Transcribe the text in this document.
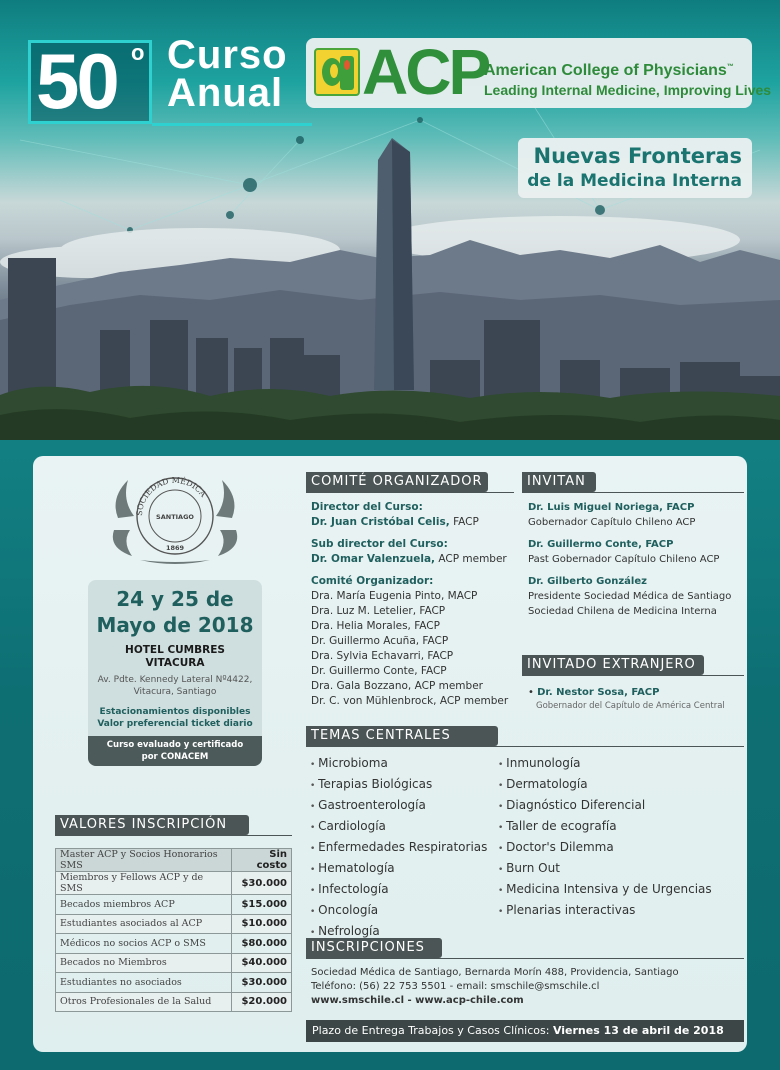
50 o Curso
Anual ACP
American College of Physicians™
Leading Internal Medicine, Improving Lives
Nuevas Fronteras
de la Medicina Interna
SOCIEDAD MÉDICA
SANTIAGO
1869
24 y 25 de
Mayo de 2018
HOTEL CUMBRES
VITACURA
Av. Pdte. Kennedy Lateral Nº4422,
Vitacura, Santiago
Estacionamientos disponibles
Valor preferencial ticket diario
Curso evaluado y certificado
por CONACEM
COMITÉ ORGANIZADOR
Director del Curso:
Dr. Juan Cristóbal Celis, FACP
Sub director del Curso:
Dr. Omar Valenzuela, ACP member
Comité Organizador:
Dra. María Eugenia Pinto, MACP
Dra. Luz M. Letelier, FACP
Dra. Helia Morales, FACP
Dr. Guillermo Acuña, FACP
Dra. Sylvia Echavarri, FACP
Dr. Guillermo Conte, FACP
Dra. Gala Bozzano, ACP member
Dr. C. von Mühlenbrock, ACP member
INVITAN
Dr. Luis Miguel Noriega, FACP
Gobernador Capítulo Chileno ACP
Dr. Guillermo Conte, FACP
Past Gobernador Capítulo Chileno ACP
Dr. Gilberto González
Presidente Sociedad Médica de Santiago
Sociedad Chilena de Medicina Interna
INVITADO EXTRANJERO
• Dr. Nestor Sosa, FACP
Gobernador del Capítulo de América Central
TEMAS CENTRALES
• Microbioma
• Terapias Biológicas
• Gastroenterología
• Cardiología
• Enfermedades Respiratorias
• Hematología
• Infectología
• Oncología
• Nefrología
• Inmunología
• Dermatología
• Diagnóstico Diferencial
• Taller de ecografía
• Doctor's Dilemma
• Burn Out
• Medicina Intensiva y de Urgencias
• Plenarias interactivas
VALORES INSCRIPCIÓN
Master ACP y Socios Honorarios SMS	Sin costo
Miembros y Fellows ACP y de SMS	$30.000
Becados miembros ACP	$15.000
Estudiantes asociados al ACP	$10.000
Médicos no socios ACP o SMS	$80.000
Becados no Miembros	$40.000
Estudiantes no asociados	$30.000
Otros Profesionales de la Salud	$20.000
INSCRIPCIONES
Sociedad Médica de Santiago, Bernarda Morín 488, Providencia, Santiago
Teléfono: (56) 22 753 5501 - email: smschile@smschile.cl
www.smschile.cl - www.acp-chile.com
Plazo de Entrega Trabajos y Casos Clínicos: Viernes 13 de abril de 2018
